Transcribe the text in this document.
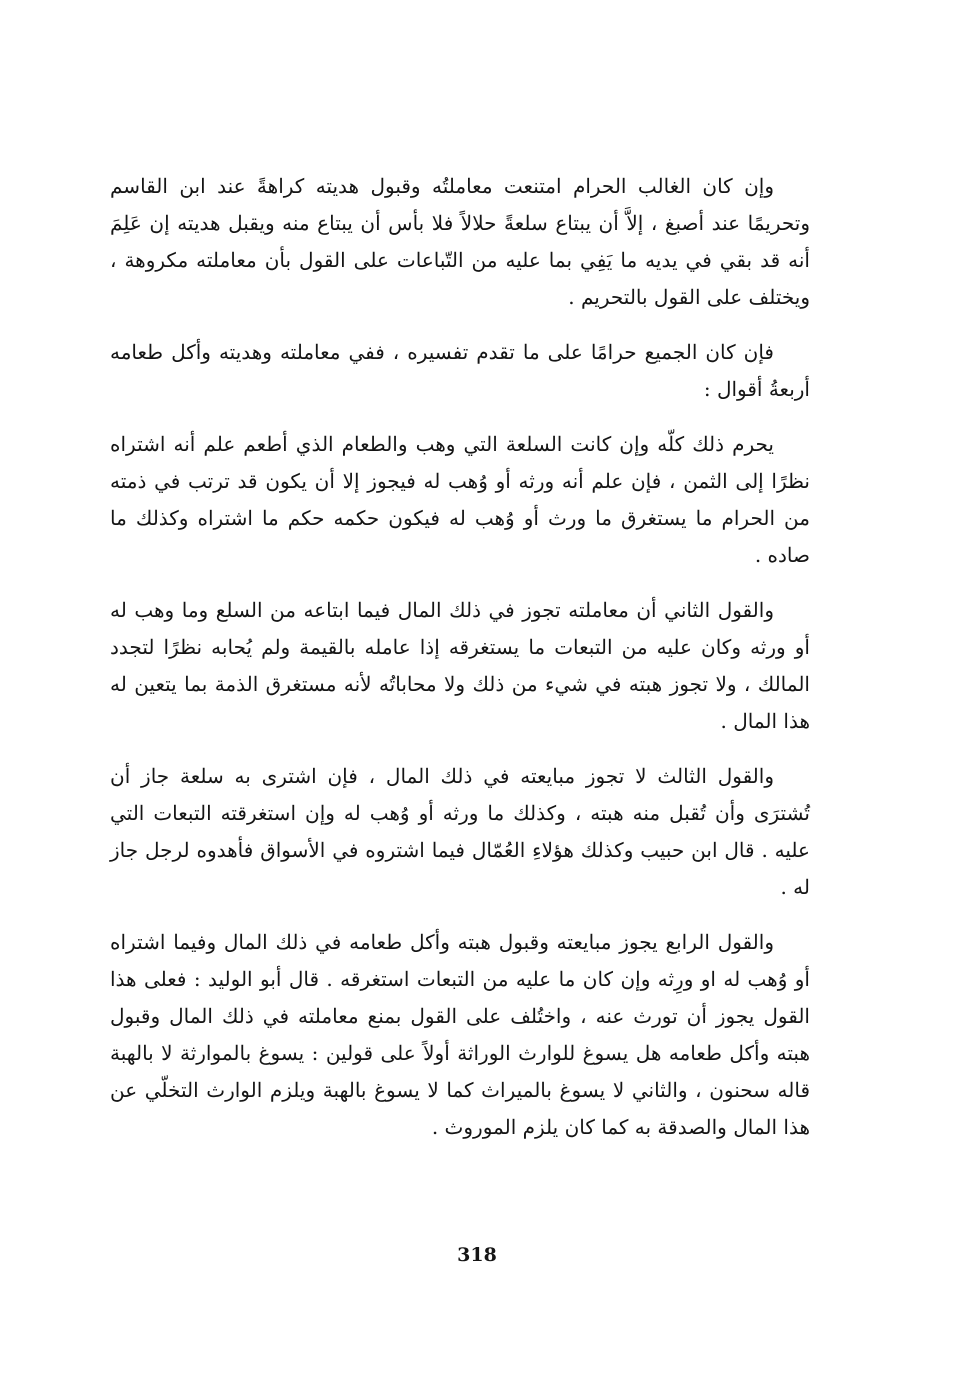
وإن كان الغالب الحرام امتنعت معاملتُه وقبول هديته كراهةً عند ابن القاسم وتحريمًا عند أصبغ ، إلاَّ أن يبتاع سلعةً حلالاً فلا بأس أن يبتاع منه ويقبل هديته إن عَلِمَ أنه قد بقي في يديه ما يَفِي بما عليه من التّباعات على القول بأن معاملته مكروهة ، ويختلف على القول بالتحريم .

فإن كان الجميع حرامًا على ما تقدم تفسيره ، ففي معاملته وهديته وأكل طعامه أربعةُ أقوال :

يحرم ذلك كلّه وإن كانت السلعة التي وهب والطعام الذي أطعم علم أنه اشتراه نظرًا إلى الثمن ، فإن علم أنه ورثه أو وُهب له فيجوز إلا أن يكون قد ترتب في ذمته من الحرام ما يستغرق ما ورث أو وُهب له فيكون حكمه حكم ما اشتراه وكذلك ما صاده .

والقول الثاني أن معاملته تجوز في ذلك المال فيما ابتاعه من السلع وما وهب له أو ورثه وكان عليه من التبعات ما يستغرقه إذا عامله بالقيمة ولم يُحابه نظرًا لتجدد المالك ، ولا تجوز هبته في شيء من ذلك ولا محاباتُه لأنه مستغرق الذمة بما يتعين له هذا المال .

والقول الثالث لا تجوز مبايعته في ذلك المال ، فإن اشترى به سلعة جاز أن تُشترَى وأن تُقبل منه هبته ، وكذلك ما ورثه أو وُهب له وإن استغرقته التبعات التي عليه . قال ابن حبيب وكذلك هؤلاءِ العُمّال فيما اشتروه في الأسواق فأهدوه لرجل جاز له .

والقول الرابع يجوز مبايعته وقبول هبته وأكل طعامه في ذلك المال وفيما اشتراه أو وُهب له او ورِثه وإن كان ما عليه من التبعات استغرقه . قال أبو الوليد : فعلى هذا القول يجوز أن تورث عنه ، واختُلف على القول بمنع معاملته في ذلك المال وقبول هبته وأكل طعامه هل يسوغ للوارث الوراثة أولاً على قولين : يسوغ بالموارثة لا بالهبة قاله سحنون ، والثاني لا يسوغ بالميراث كما لا يسوغ بالهبة ويلزم الوارث التخلّي عن هذا المال والصدقة به كما كان يلزم الموروث .

318
